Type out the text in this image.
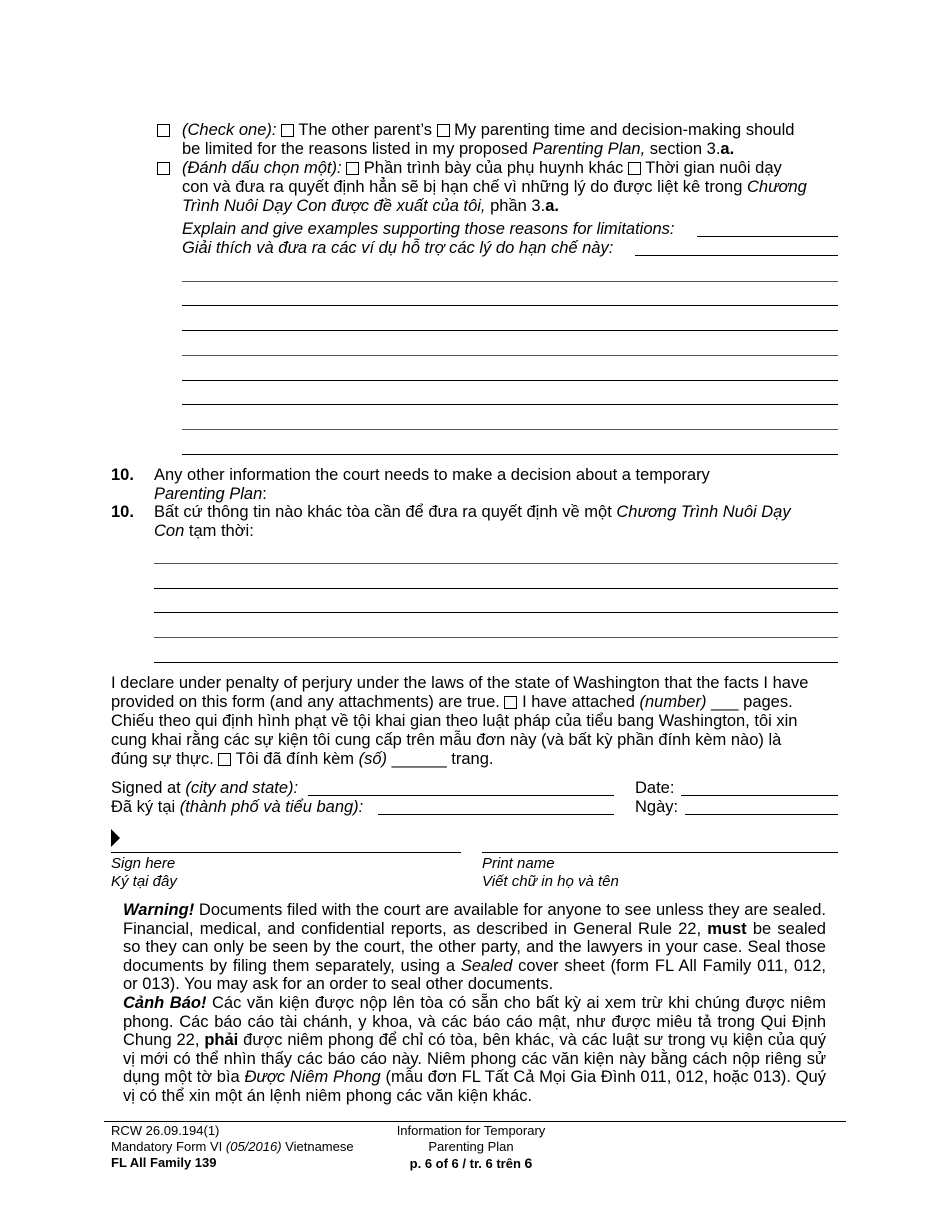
(Check one): The other parent’s My parenting time and decision-making should
be limited for the reasons listed in my proposed Parenting Plan, section 3.a.
(Đánh dấu chọn một): Phần trình bày của phụ huynh khác Thời gian nuôi dạy
con và đưa ra quyết định hẳn sẽ bị hạn chế vì những lý do được liệt kê trong Chương
Trình Nuôi Dạy Con được đề xuất của tôi, phần 3.a.
Explain and give examples supporting those reasons for limitations:
Giải thích và đưa ra các ví dụ hỗ trợ các lý do hạn chế này:
10. Any other information the court needs to make a decision about a temporary
Parenting Plan:
10. Bất cứ thông tin nào khác tòa cần để đưa ra quyết định về một Chương Trình Nuôi Dạy
Con tạm thời:
I declare under penalty of perjury under the laws of the state of Washington that the facts I have
provided on this form (and any attachments) are true. I have attached (number) ___ pages.
Chiếu theo qui định hình phạt về tội khai gian theo luật pháp của tiểu bang Washington, tôi xin
cung khai rằng các sự kiện tôi cung cấp trên mẫu đơn này (và bất kỳ phần đính kèm nào) là
đúng sự thực. Tôi đã đính kèm (số) ______ trang.
Signed at (city and state):
Đã ký tại (thành phố và tiểu bang):
Date:
Ngày:
Sign here
Ký tại đây
Print name
Viết chữ in họ và tên
Warning! Documents filed with the court are available for anyone to see unless they are sealed. Financial, medical, and confidential reports, as described in General Rule 22, must be sealed so they can only be seen by the court, the other party, and the lawyers in your case. Seal those documents by filing them separately, using a Sealed cover sheet (form FL All Family 011, 012, or 013). You may ask for an order to seal other documents.
Cảnh Báo! Các văn kiện được nộp lên tòa có sẵn cho bất kỳ ai xem trừ khi chúng được niêm phong. Các báo cáo tài chánh, y khoa, và các báo cáo mật, như được miêu tả trong Qui Định Chung 22, phải được niêm phong để chỉ có tòa, bên khác, và các luật sư trong vụ kiện của quý vị mới có thể nhìn thấy các báo cáo này. Niêm phong các văn kiện này bằng cách nộp riêng sử dụng một tờ bìa Được Niêm Phong (mẫu đơn FL Tất Cả Mọi Gia Đình 011, 012, hoặc 013). Quý vị có thể xin một án lệnh niêm phong các văn kiện khác.
RCW 26.09.194(1)
Mandatory Form VI (05/2016) Vietnamese
FL All Family 139
Information for Temporary
Parenting Plan
p. 6 of 6 / tr. 6 trên 6
